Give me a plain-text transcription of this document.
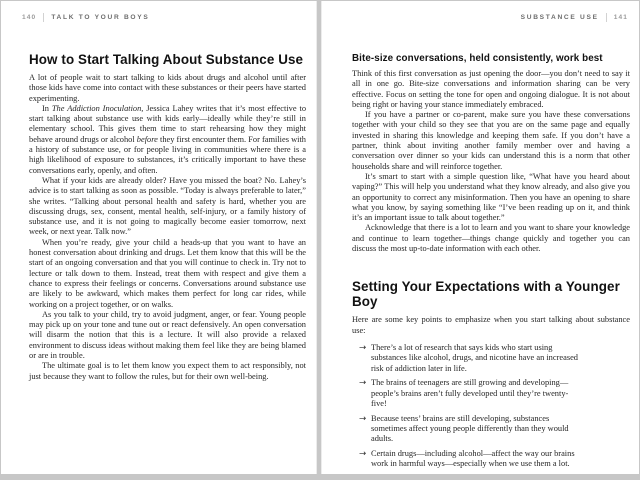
140 TALK TO YOUR BOYS
How to Start Talking About Substance Use

A lot of people wait to start talking to kids about drugs and alcohol until after those kids have come into contact with these substances or their peers have started experimenting.

In The Addiction Inoculation, Jessica Lahey writes that it’s most effective to start talking about substance use with kids early—ideally while they’re still in elementary school. This gives them time to start rehearsing how they might behave around drugs or alcohol before they first encounter them. For families with a history of substance use, or for people living in communities where there is a high likelihood of exposure to substances, it’s critically important to have these conversations early, openly, and often.

What if your kids are already older? Have you missed the boat? No. Lahey’s advice is to start talking as soon as possible. “Today is always preferable to later,” she writes. “Talking about personal health and safety is hard, whether you are discussing drugs, sex, consent, mental health, self-injury, or a family history of substance use, and it is not going to magically become easier tomorrow, next week, or next year. Talk now.”

When you’re ready, give your child a heads-up that you want to have an honest conversation about drinking and drugs. Let them know that this will be the start of an ongoing conversation and that you will continue to check in. Try not to lecture or talk down to them. Instead, treat them with respect and give them a chance to express their feelings or concerns. Conversations around substance use are likely to be awkward, which makes them perfect for long car rides, while working on a project together, or on walks.

As you talk to your child, try to avoid judgment, anger, or fear. Young people may pick up on your tone and tune out or react defensively. An open conversation will disarm the notion that this is a lecture. It will also provide a relaxed environment to discuss ideas without making them feel like they are being blamed or are in trouble.

The ultimate goal is to let them know you expect them to act responsibly, not just because they want to follow the rules, but for their own well-being.

SUBSTANCE USE 141
Bite-size conversations, held consistently, work best

Think of this first conversation as just opening the door—you don’t need to say it all in one go. Bite-size conversations and information sharing can be very effective. Focus on setting the tone for open and ongoing dialogue. It is not about being right or having your stance immediately embraced.

If you have a partner or co-parent, make sure you have these conversations together with your child so they see that you are on the same page and equally invested in sharing this knowledge and keeping them safe. If you don’t have a partner, think about inviting another family member over and having a conversation over dinner so your kids can understand this is a norm that other households share and will reinforce together.

It’s smart to start with a simple question like, “What have you heard about vaping?” This will help you understand what they know already, and also give you an opportunity to correct any misinformation. Then you have an opening to share what you know, by saying something like “I’ve been reading up on it, and think it’s an important issue to talk about together.”

Acknowledge that there is a lot to learn and you want to share your knowledge and continue to learn together—things change quickly and together you can discuss the most up-to-date information with each other.

Setting Your Expectations with a Younger Boy

Here are some key points to emphasize when you start talking about substance use:

→ There’s a lot of research that says kids who start using substances like alcohol, drugs, and nicotine have an increased risk of addiction later in life.
→ The brains of teenagers are still growing and developing—people’s brains aren’t fully developed until they’re twenty-five!
→ Because teens’ brains are still developing, substances sometimes affect young people differently than they would adults.
→ Certain drugs—including alcohol—affect the way our brains work in harmful ways—especially when we use them a lot.
